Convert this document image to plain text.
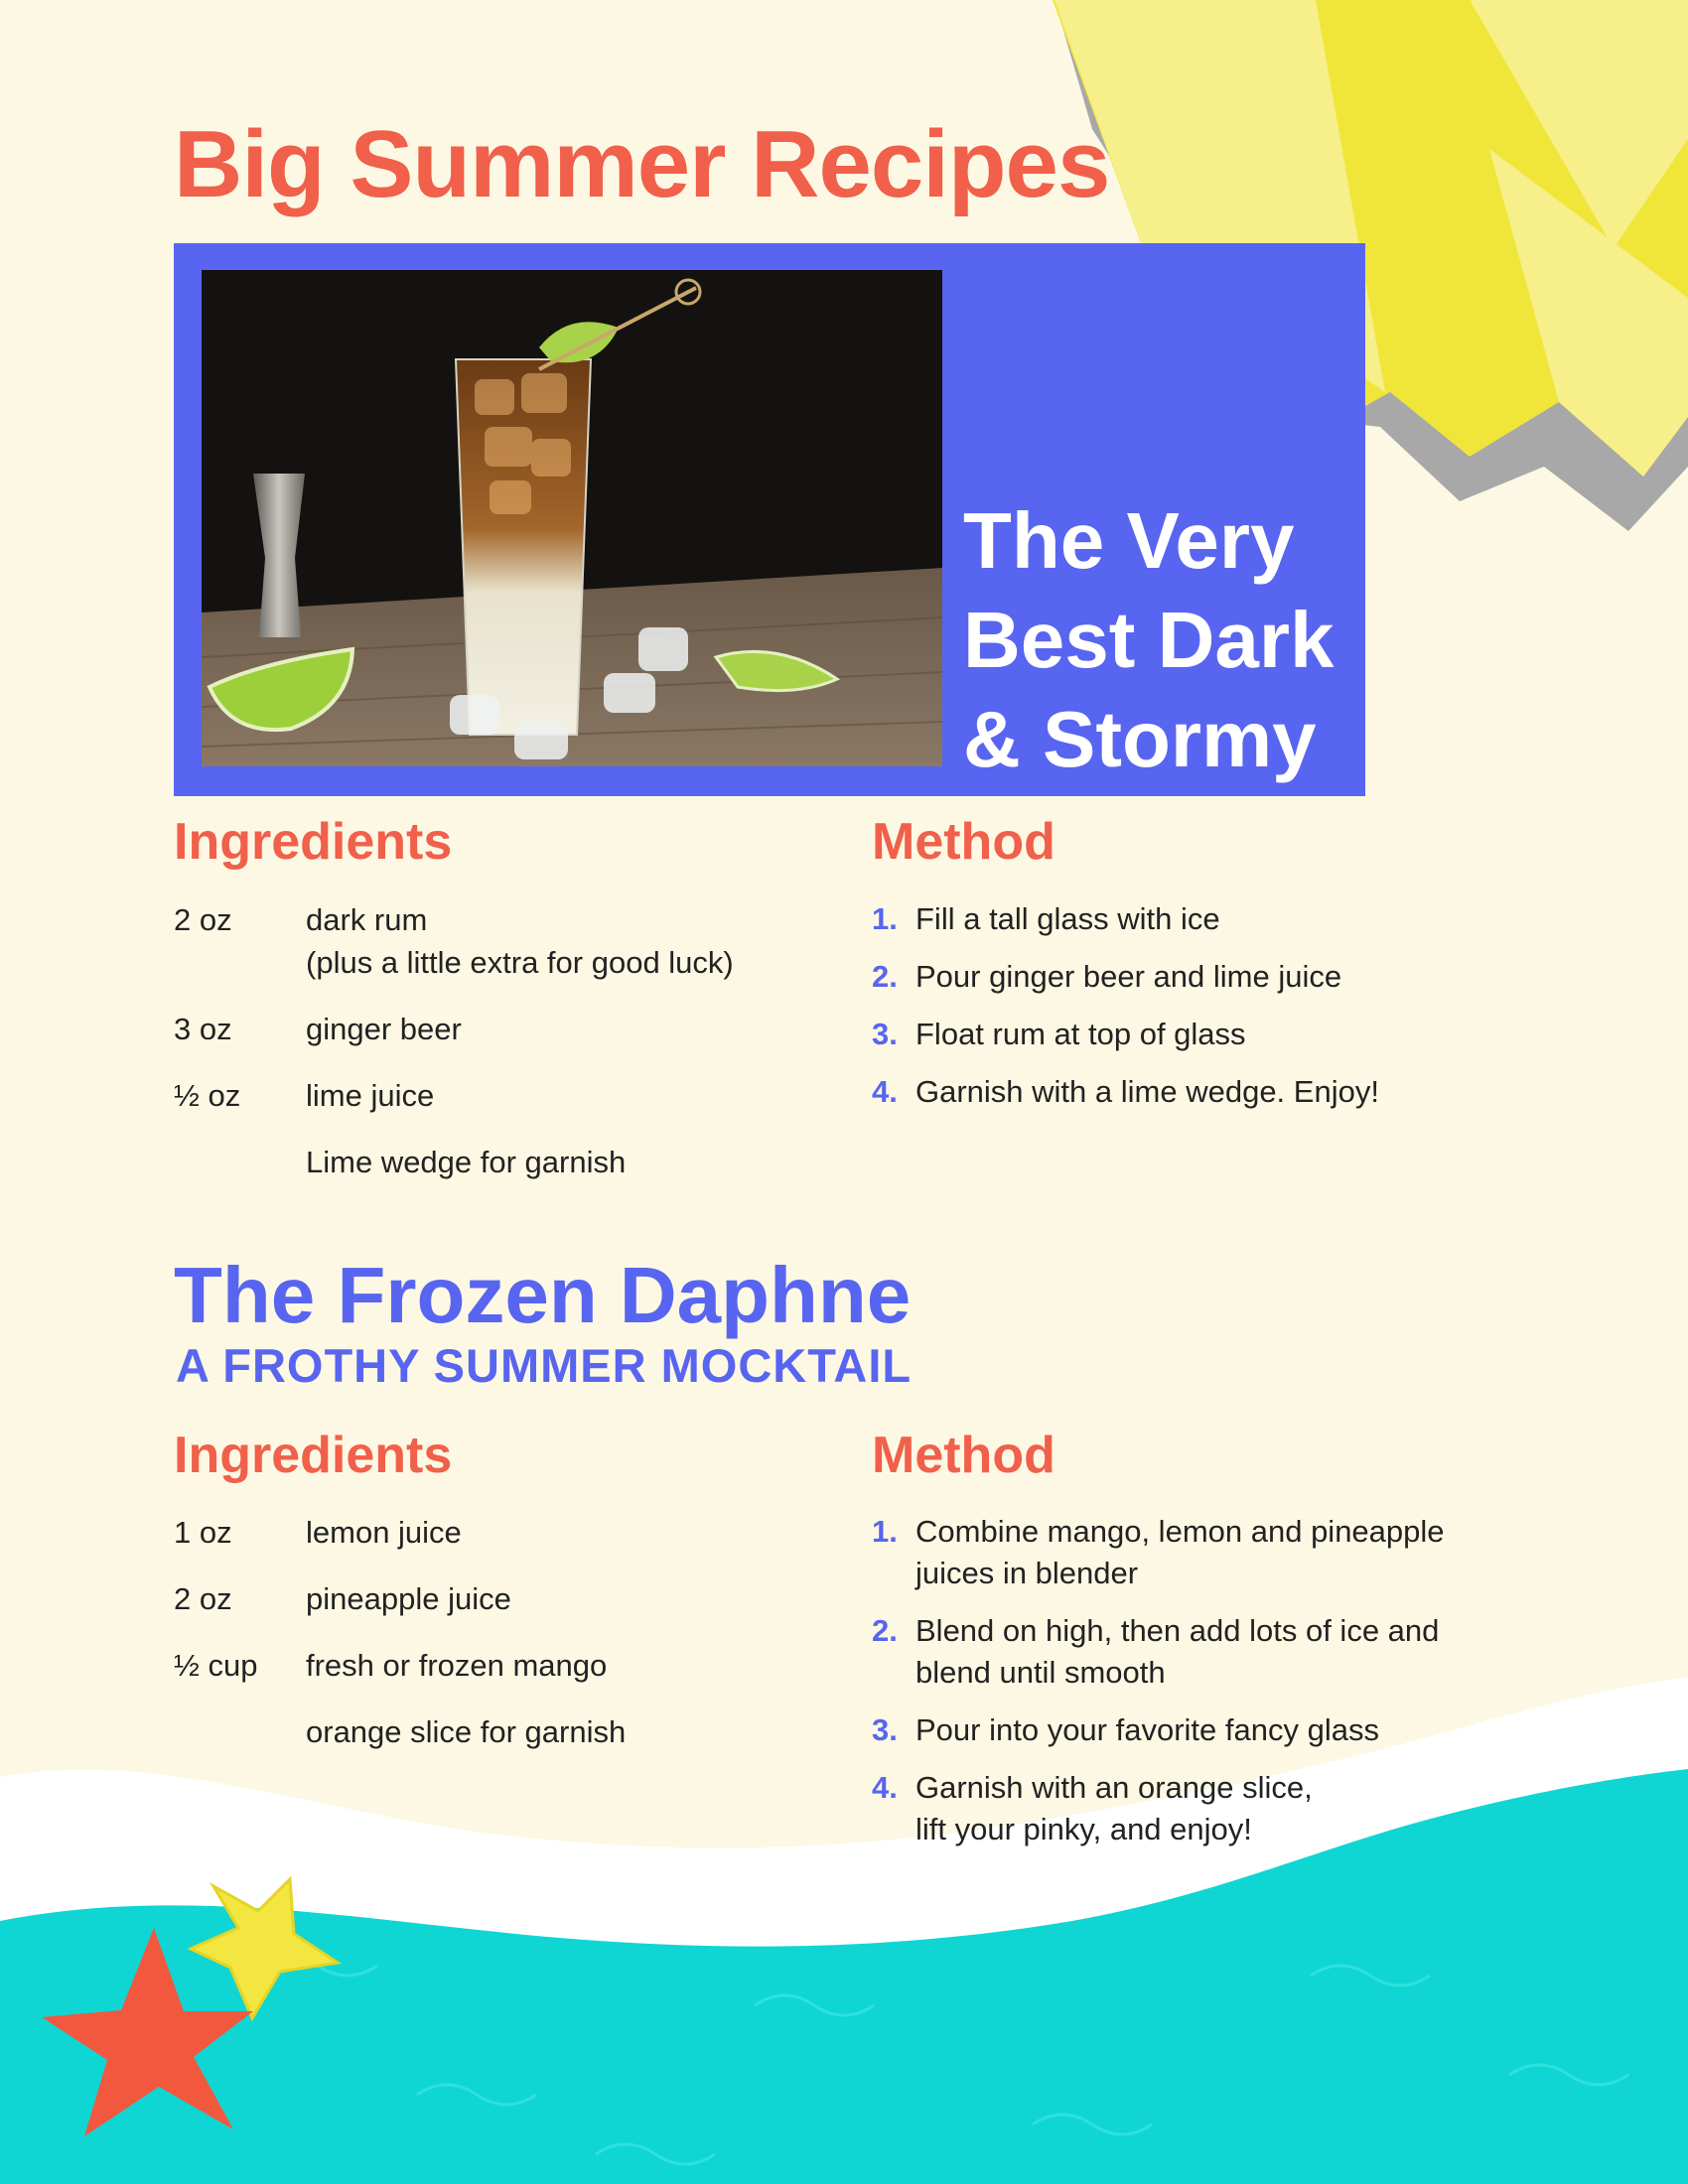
Big Summer Recipes
The Very
Best Dark
& Stormy
Ingredients
2 oz	dark rum
(plus a little extra for good luck)
3 oz	ginger beer
½ oz	lime juice
Lime wedge for garnish
Method
1. Fill a tall glass with ice
2. Pour ginger beer and lime juice
3. Float rum at top of glass
4. Garnish with a lime wedge. Enjoy!
The Frozen Daphne
A FROTHY SUMMER MOCKTAIL
Ingredients
1 oz	lemon juice
2 oz	pineapple juice
½ cup	fresh or frozen mango
orange slice for garnish
Method
1. Combine mango, lemon and pineapple
juices in blender
2. Blend on high, then add lots of ice and
blend until smooth
3. Pour into your favorite fancy glass
4. Garnish with an orange slice,
lift your pinky, and enjoy!
